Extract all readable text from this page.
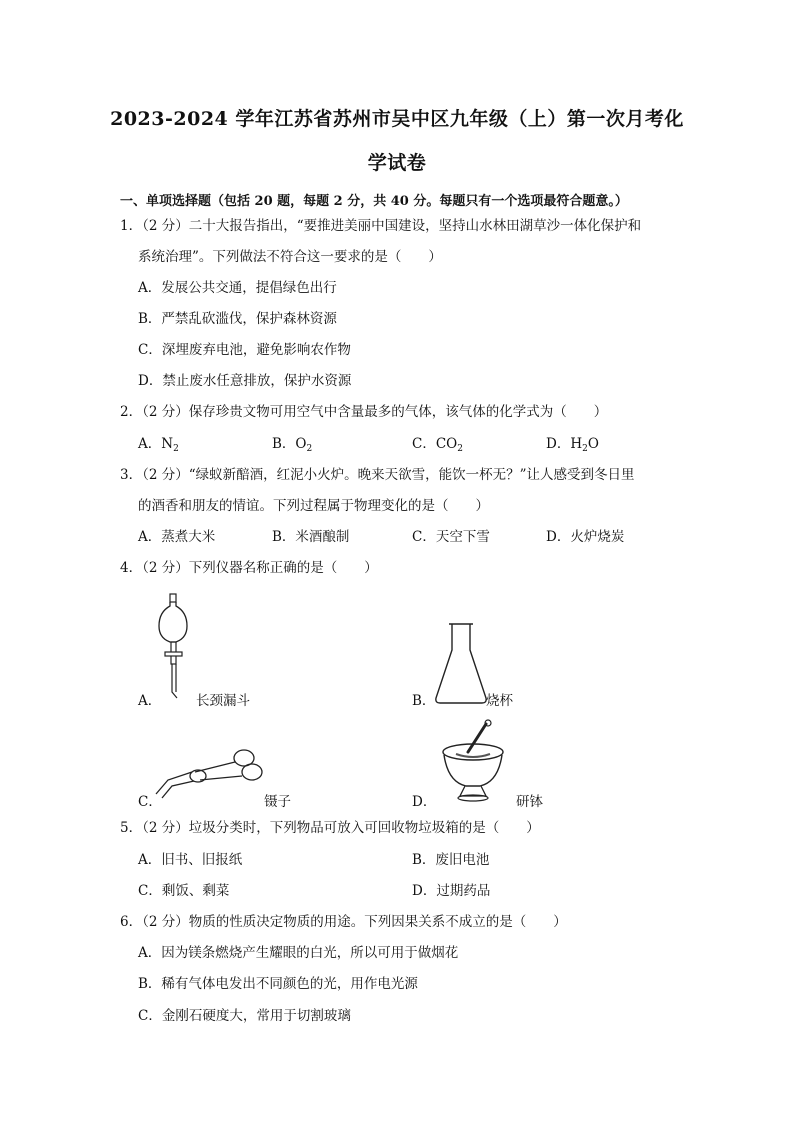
2023-2024 学年江苏省苏州市吴中区九年级（上）第一次月考化
学试卷
一、单项选择题（包括 20 题，每题 2 分，共 40 分。每题只有一个选项最符合题意。）
1．（2 分）二十大报告指出，“要推进美丽中国建设，坚持山水林田湖草沙一体化保护和
系统治理”。下列做法不符合这一要求的是（　　）
A．发展公共交通，提倡绿色出行
B．严禁乱砍滥伐，保护森林资源
C．深埋废弃电池，避免影响农作物
D．禁止废水任意排放，保护水资源
2．（2 分）保存珍贵文物可用空气中含量最多的气体，该气体的化学式为（　　）
A．$N_2$	B．$O_2$	C．$CO_2$	D．$H_2O$
3．（2 分）“绿蚁新醅酒，红泥小火炉。晚来天欲雪，能饮一杯无？”让人感受到冬日里
的酒香和朋友的情谊。下列过程属于物理变化的是（　　）
A．蒸煮大米	B．米酒酿制	C．天空下雪	D．火炉烧炭
4．（2 分）下列仪器名称正确的是（　　）
A．	长颈漏斗	B．	烧杯
C．	镊子	D．	研钵
5．（2 分）垃圾分类时，下列物品可放入可回收物垃圾箱的是（　　）
A．旧书、旧报纸	B．废旧电池
C．剩饭、剩菜	D．过期药品
6．（2 分）物质的性质决定物质的用途。下列因果关系不成立的是（　　）
A．因为镁条燃烧产生耀眼的白光，所以可用于做烟花
B．稀有气体电发出不同颜色的光，用作电光源
C．金刚石硬度大，常用于切割玻璃
